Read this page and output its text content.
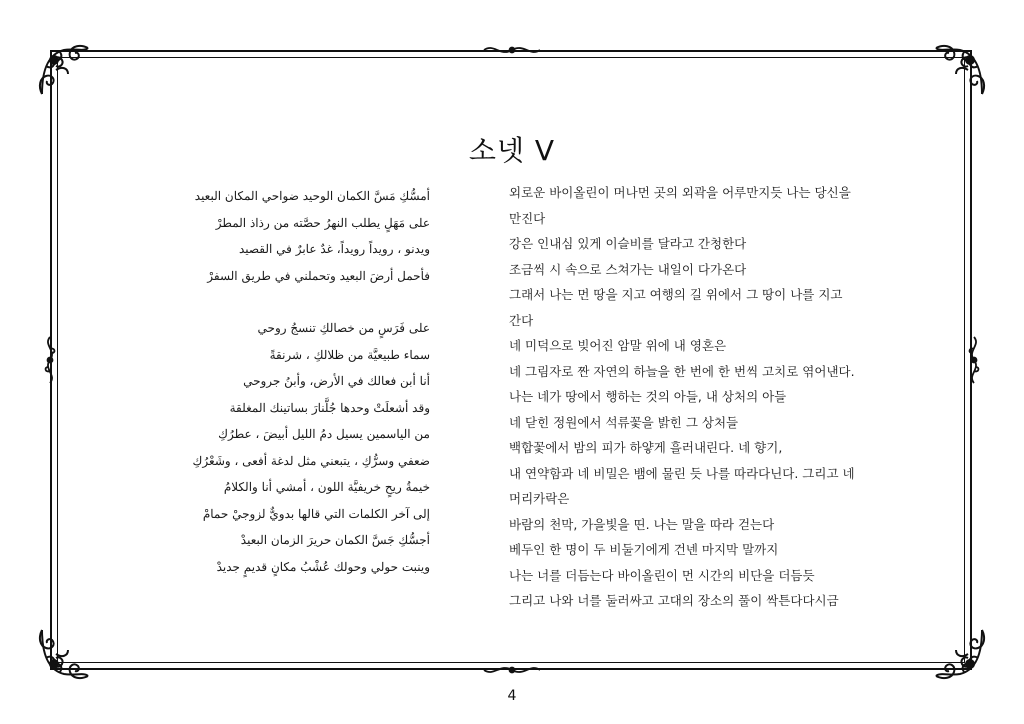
소넷 V
أمسُّكِ مَسَّ الكمان الوحيد ضواحي المكان البعيد
على مَهَلٍ يطلب النهرُ حصَّته من رذاذ المطرْ
ويدنو ، رويداً رويداً، غدٌ عابرٌ في القصيد
فأحمل أرضَ البعيد وتحملني في طريق السفرْ
على فَرَسٍ من خصالكِ تنسجُ روحي
سماء طبيعيَّة من ظلالكِ ، شرنقةً
أنا أبن فعالك في الأرض، وأبنُ جروحي
وقد أشعلَتْ وحدها جُلَّنارَ بساتينك المغلقة
من الياسمين يسيل دمُ الليل أبيضَ ، عطرُكِ
ضعفي وسرُّكِ ، يتبعني مثل لدغة أفعى ، وشَعْرُكِ
خيمةُ ريحٍ خريفيَّة اللون ، أمشي أنا والكلامُ
إلى آخر الكلمات التي قالها بدويٌّ لزوجيْ حمامْ
أجسُّكِ جَسَّ الكمان حريرَ الزمان البعيدْ
وينبت حولي وحولك عُشْبُ مكانٍ قديمٍ جديدْ
외로운 바이올린이 머나먼 곳의 외곽을 어루만지듯 나는 당신을
만진다
강은 인내심 있게 이슬비를 달라고 간청한다
조금씩 시 속으로 스쳐가는 내일이 다가온다
그래서 나는 먼 땅을 지고 여행의 길 위에서 그 땅이 나를 지고
간다
네 미덕으로 빚어진 암말 위에 내 영혼은
네 그림자로 짠 자연의 하늘을 한 번에 한 번씩 고치로 엮어낸다.
나는 네가 땅에서 행하는 것의 아들, 내 상처의 아들
네 닫힌 정원에서 석류꽃을 밝힌 그 상처들
백합꽃에서 밤의 피가 하얗게 흘러내린다. 네 향기,
내 연약함과 네 비밀은 뱀에 물린 듯 나를 따라다닌다. 그리고 네
머리카락은
바람의 천막, 가을빛을 띤. 나는 말을 따라 걷는다
베두인 한 명이 두 비둘기에게 건넨 마지막 말까지
나는 너를 더듬는다 바이올린이 먼 시간의 비단을 더듬듯
그리고 나와 너를 둘러싸고 고대의 장소의 풀이 싹튼다다시금
4
